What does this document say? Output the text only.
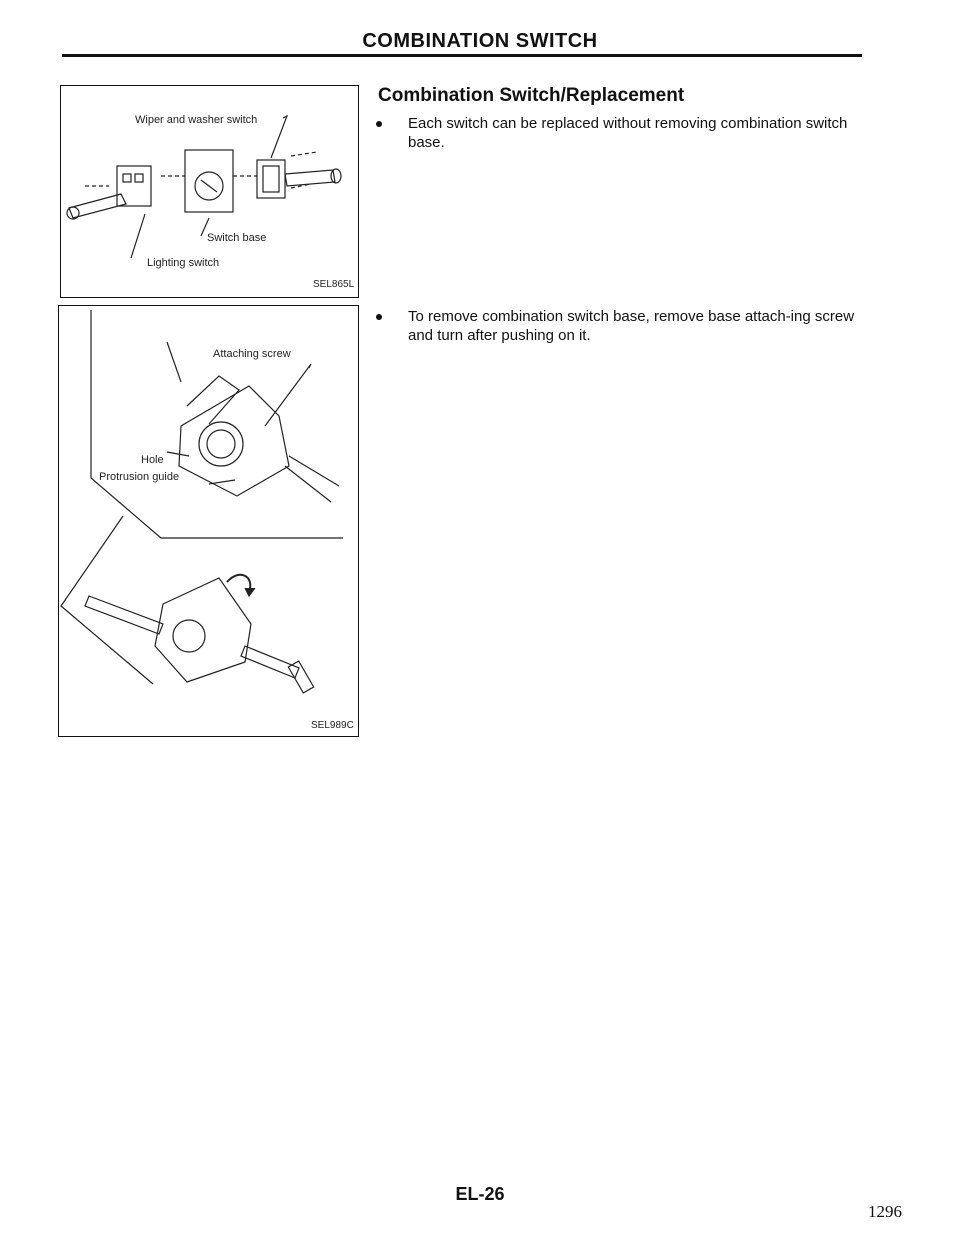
COMBINATION SWITCH
Wiper and washer switch
Switch base
Lighting switch
SEL865L
Attaching screw
Hole
Protrusion guide
SEL989C
Combination Switch/Replacement
Each switch can be replaced without removing combination switch base.
To remove combination switch base, remove base attach-ing screw and turn after pushing on it.
EL-26
1296
